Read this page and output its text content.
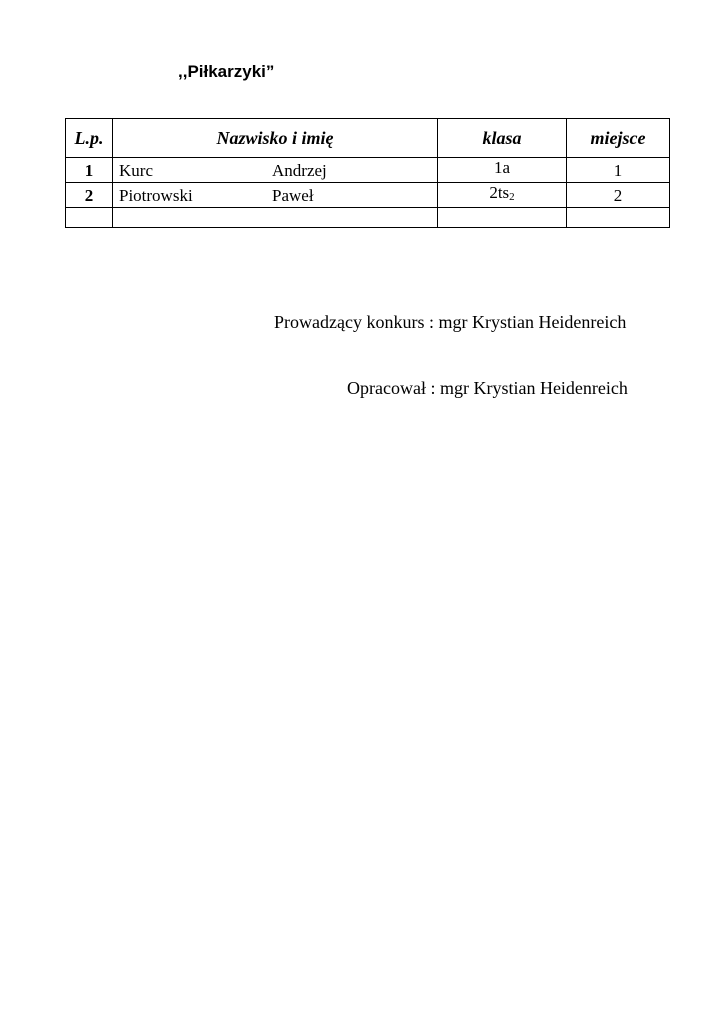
,,Piłkarzyki”
L.p.	Nazwisko i imię	klasa	miejsce
1	Kurc Andrzej	1a	1
2	Piotrowski Paweł	2ts2	2

Prowadzący konkurs : mgr Krystian Heidenreich
Opracował : mgr Krystian Heidenreich
